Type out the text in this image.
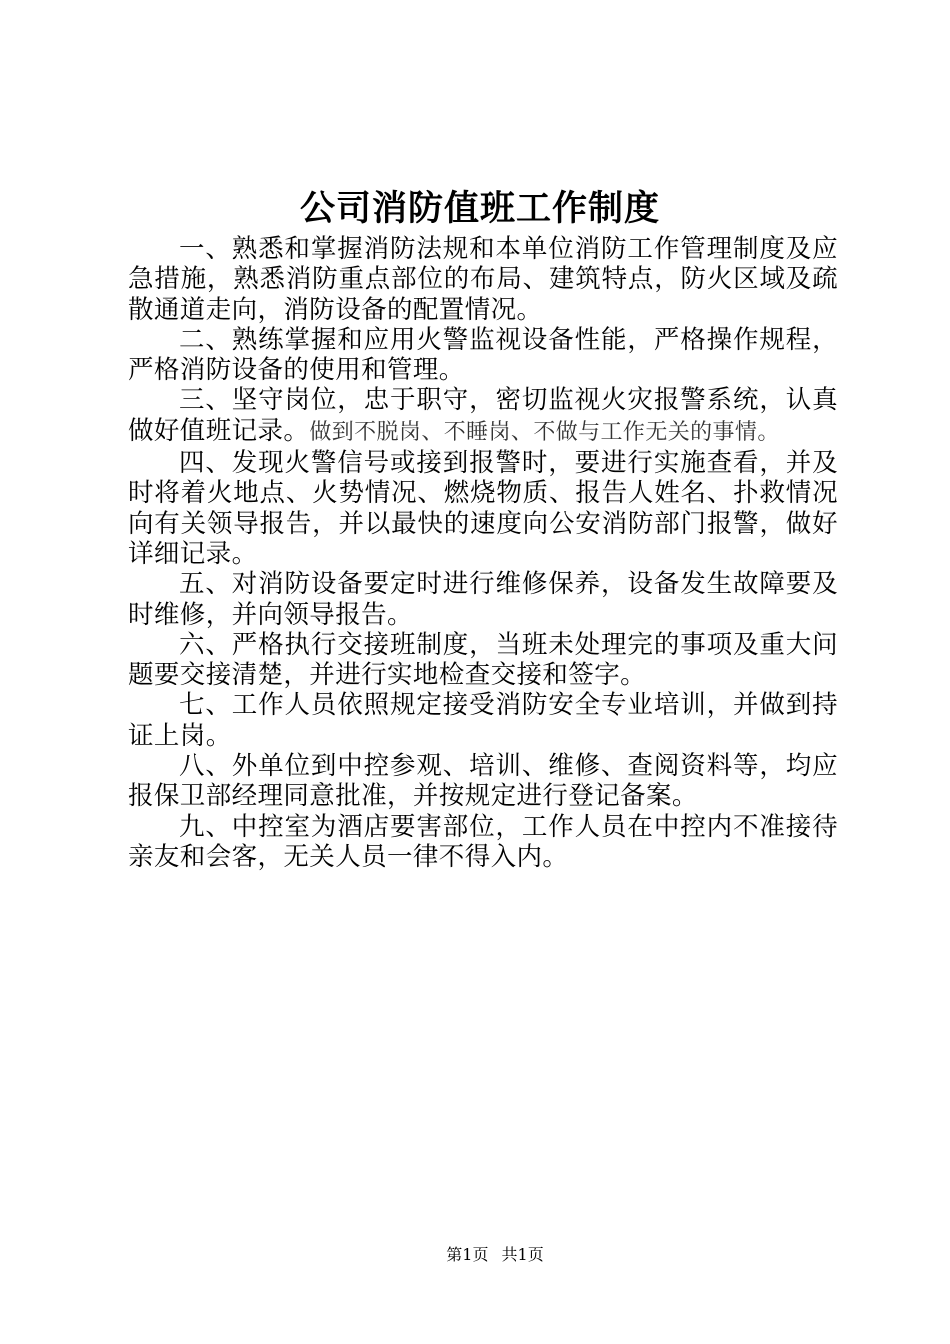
公司消防值班工作制度

一、熟悉和掌握消防法规和本单位消防工作管理制度及应急措施，熟悉消防重点部位的布局、建筑特点，防火区域及疏散通道走向，消防设备的配置情况。

二、熟练掌握和应用火警监视设备性能，严格操作规程，严格消防设备的使用和管理。

三、坚守岗位，忠于职守，密切监视火灾报警系统，认真做好值班记录。做到不脱岗、不睡岗、不做与工作无关的事情。

四、发现火警信号或接到报警时，要进行实施查看，并及时将着火地点、火势情况、燃烧物质、报告人姓名、扑救情况向有关领导报告，并以最快的速度向公安消防部门报警，做好详细记录。

五、对消防设备要定时进行维修保养，设备发生故障要及时维修，并向领导报告。

六、严格执行交接班制度，当班未处理完的事项及重大问题要交接清楚，并进行实地检查交接和签字。

七、工作人员依照规定接受消防安全专业培训，并做到持证上岗。

八、外单位到中控参观、培训、维修、查阅资料等，均应报保卫部经理同意批准，并按规定进行登记备案。

九、中控室为酒店要害部位，工作人员在中控内不准接待亲友和会客，无关人员一律不得入内。

第1页 共1页
